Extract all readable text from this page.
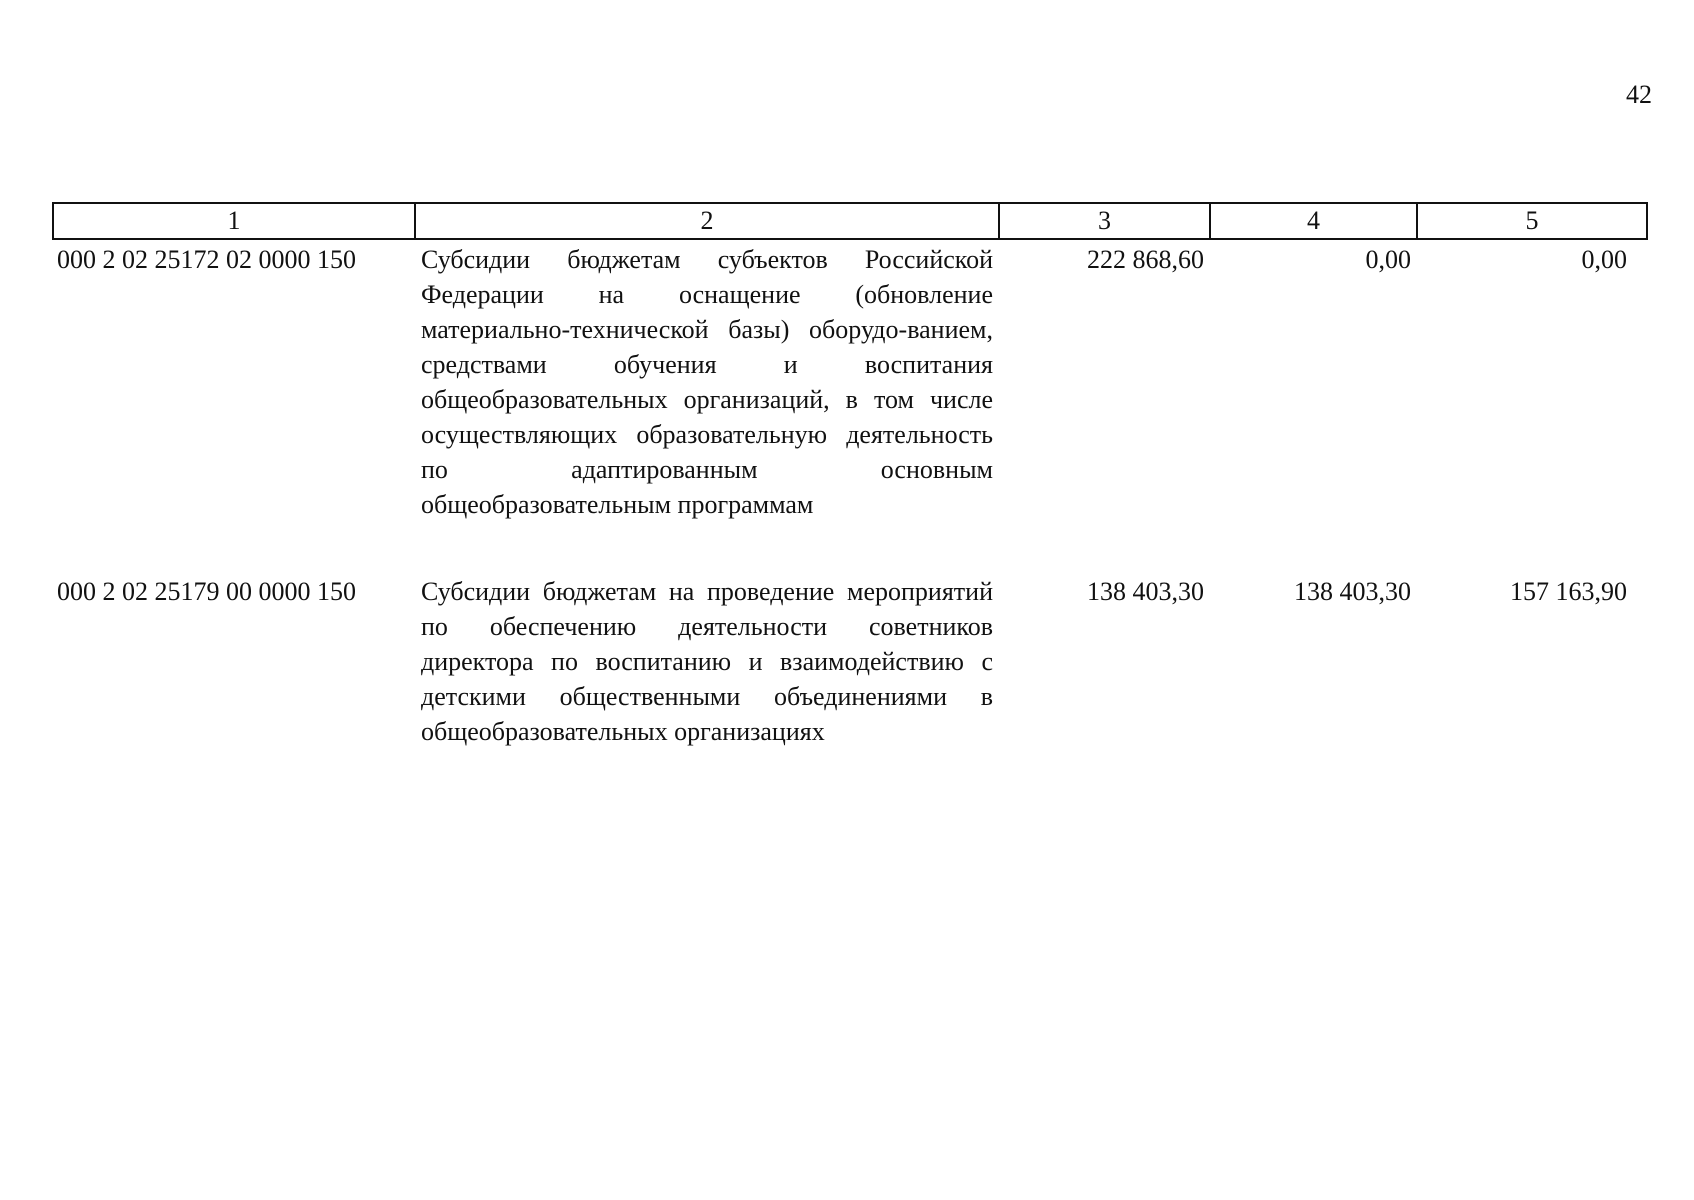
42
1	2	3	4	5
000 2 02 25172 02 0000 150	Субсидии бюджетам субъектов Российской Федерации на оснащение (обновление материально-технической базы) оборудо-ванием, средствами обучения и воспитания общеобразовательных организаций, в том числе осуществляющих образовательную деятельность по адаптированным основным общеобразовательным программам	222 868,60	0,00	0,00
000 2 02 25179 00 0000 150	Субсидии бюджетам на проведение мероприятий по обеспечению деятельности советников директора по воспитанию и взаимодействию с детскими общественными объединениями в общеобразовательных организациях	138 403,30	138 403,30	157 163,90
